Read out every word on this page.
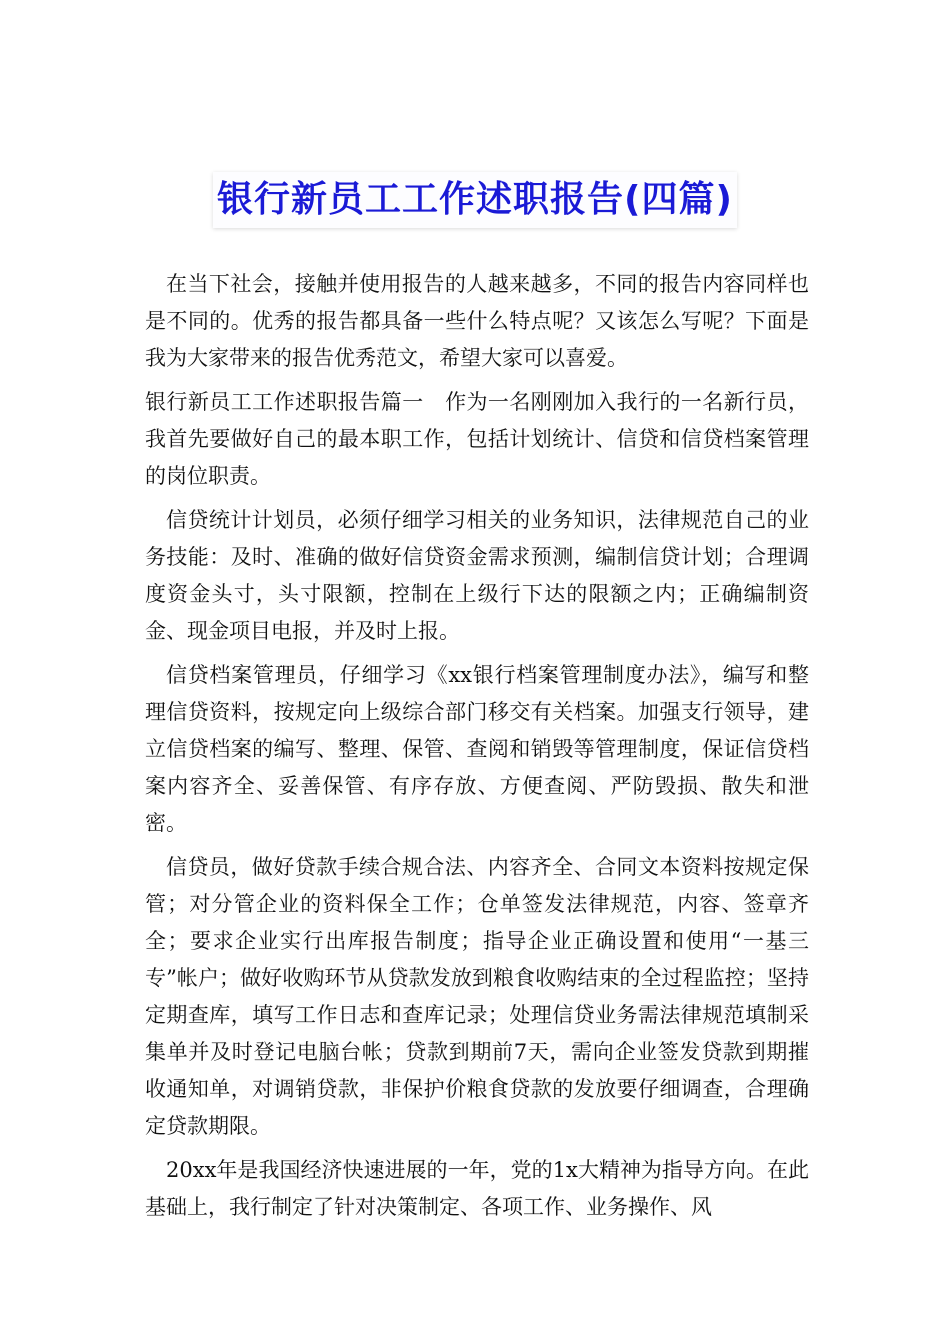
银行新员工工作述职报告(四篇)

在当下社会，接触并使用报告的人越来越多，不同的报告内容同样也是不同的。优秀的报告都具备一些什么特点呢？又该怎么写呢？下面是我为大家带来的报告优秀范文，希望大家可以喜爱。

银行新员工工作述职报告篇一　作为一名刚刚加入我行的一名新行员，我首先要做好自己的最本职工作，包括计划统计、信贷和信贷档案管理的岗位职责。

信贷统计计划员，必须仔细学习相关的业务知识，法律规范自己的业务技能：及时、准确的做好信贷资金需求预测，编制信贷计划；合理调度资金头寸，头寸限额，控制在上级行下达的限额之内；正确编制资金、现金项目电报，并及时上报。

信贷档案管理员，仔细学习《xx银行档案管理制度办法》，编写和整理信贷资料，按规定向上级综合部门移交有关档案。加强支行领导，建立信贷档案的编写、整理、保管、查阅和销毁等管理制度，保证信贷档案内容齐全、妥善保管、有序存放、方便查阅、严防毁损、散失和泄密。

信贷员，做好贷款手续合规合法、内容齐全、合同文本资料按规定保管；对分管企业的资料保全工作；仓单签发法律规范，内容、签章齐全；要求企业实行出库报告制度；指导企业正确设置和使用“一基三专”帐户；做好收购环节从贷款发放到粮食收购结束的全过程监控；坚持定期查库，填写工作日志和查库记录；处理信贷业务需法律规范填制采集单并及时登记电脑台帐；贷款到期前7天，需向企业签发贷款到期摧收通知单，对调销贷款，非保护价粮食贷款的发放要仔细调查，合理确定贷款期限。

20xx年是我国经济快速进展的一年，党的1x大精神为指导方向。在此基础上，我行制定了针对决策制定、各项工作、业务操作、风
